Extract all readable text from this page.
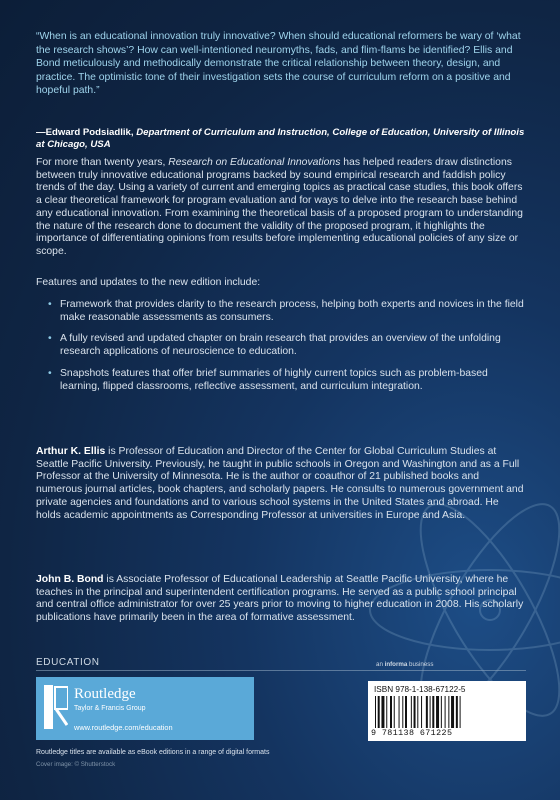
“When is an educational innovation truly innovative? When should educational reformers be wary of ‘what the research shows’? How can well-intentioned neuromyths, fads, and flim-flams be identified? Ellis and Bond meticulously and methodically demonstrate the critical relationship between theory, design, and practice. The optimistic tone of their investigation sets the course of curriculum reform on a positive and hopeful path.”
—Edward Podsiadlik, Department of Curriculum and Instruction, College of Education, University of Illinois at Chicago, USA
For more than twenty years, Research on Educational Innovations has helped readers draw distinctions between truly innovative educational programs backed by sound empirical research and faddish policy trends of the day. Using a variety of current and emerging topics as practical case studies, this book offers a clear theoretical framework for program evaluation and for ways to delve into the research base behind any educational innovation. From examining the theoretical basis of a proposed program to understanding the nature of the research done to document the validity of the proposed program, it highlights the importance of differentiating opinions from results before implementing educational policies of any size or scope.
Features and updates to the new edition include:
• Framework that provides clarity to the research process, helping both experts and novices in the field make reasonable assessments as consumers.
• A fully revised and updated chapter on brain research that provides an overview of the unfolding research applications of neuroscience to education.
• Snapshots features that offer brief summaries of highly current topics such as problem-based learning, flipped classrooms, reflective assessment, and curriculum integration.
Arthur K. Ellis is Professor of Education and Director of the Center for Global Curriculum Studies at Seattle Pacific University. Previously, he taught in public schools in Oregon and Washington and as a Full Professor at the University of Minnesota. He is the author or coauthor of 21 published books and numerous journal articles, book chapters, and scholarly papers. He consults to numerous government and private agencies and foundations and to various school systems in the United States and abroad. He holds academic appointments as Corresponding Professor at universities in Europe and Asia.
John B. Bond is Associate Professor of Educational Leadership at Seattle Pacific University, where he teaches in the principal and superintendent certification programs. He served as a public school principal and central office administrator for over 25 years prior to moving to higher education in 2008. His scholarly publications have primarily been in the area of formative assessment.
EDUCATION	an informa business
Routledge
Taylor & Francis Group
www.routledge.com/education
ISBN 978-1-138-67122-5
9 781138 671225
Routledge titles are available as eBook editions in a range of digital formats
Cover image: © Shutterstock
